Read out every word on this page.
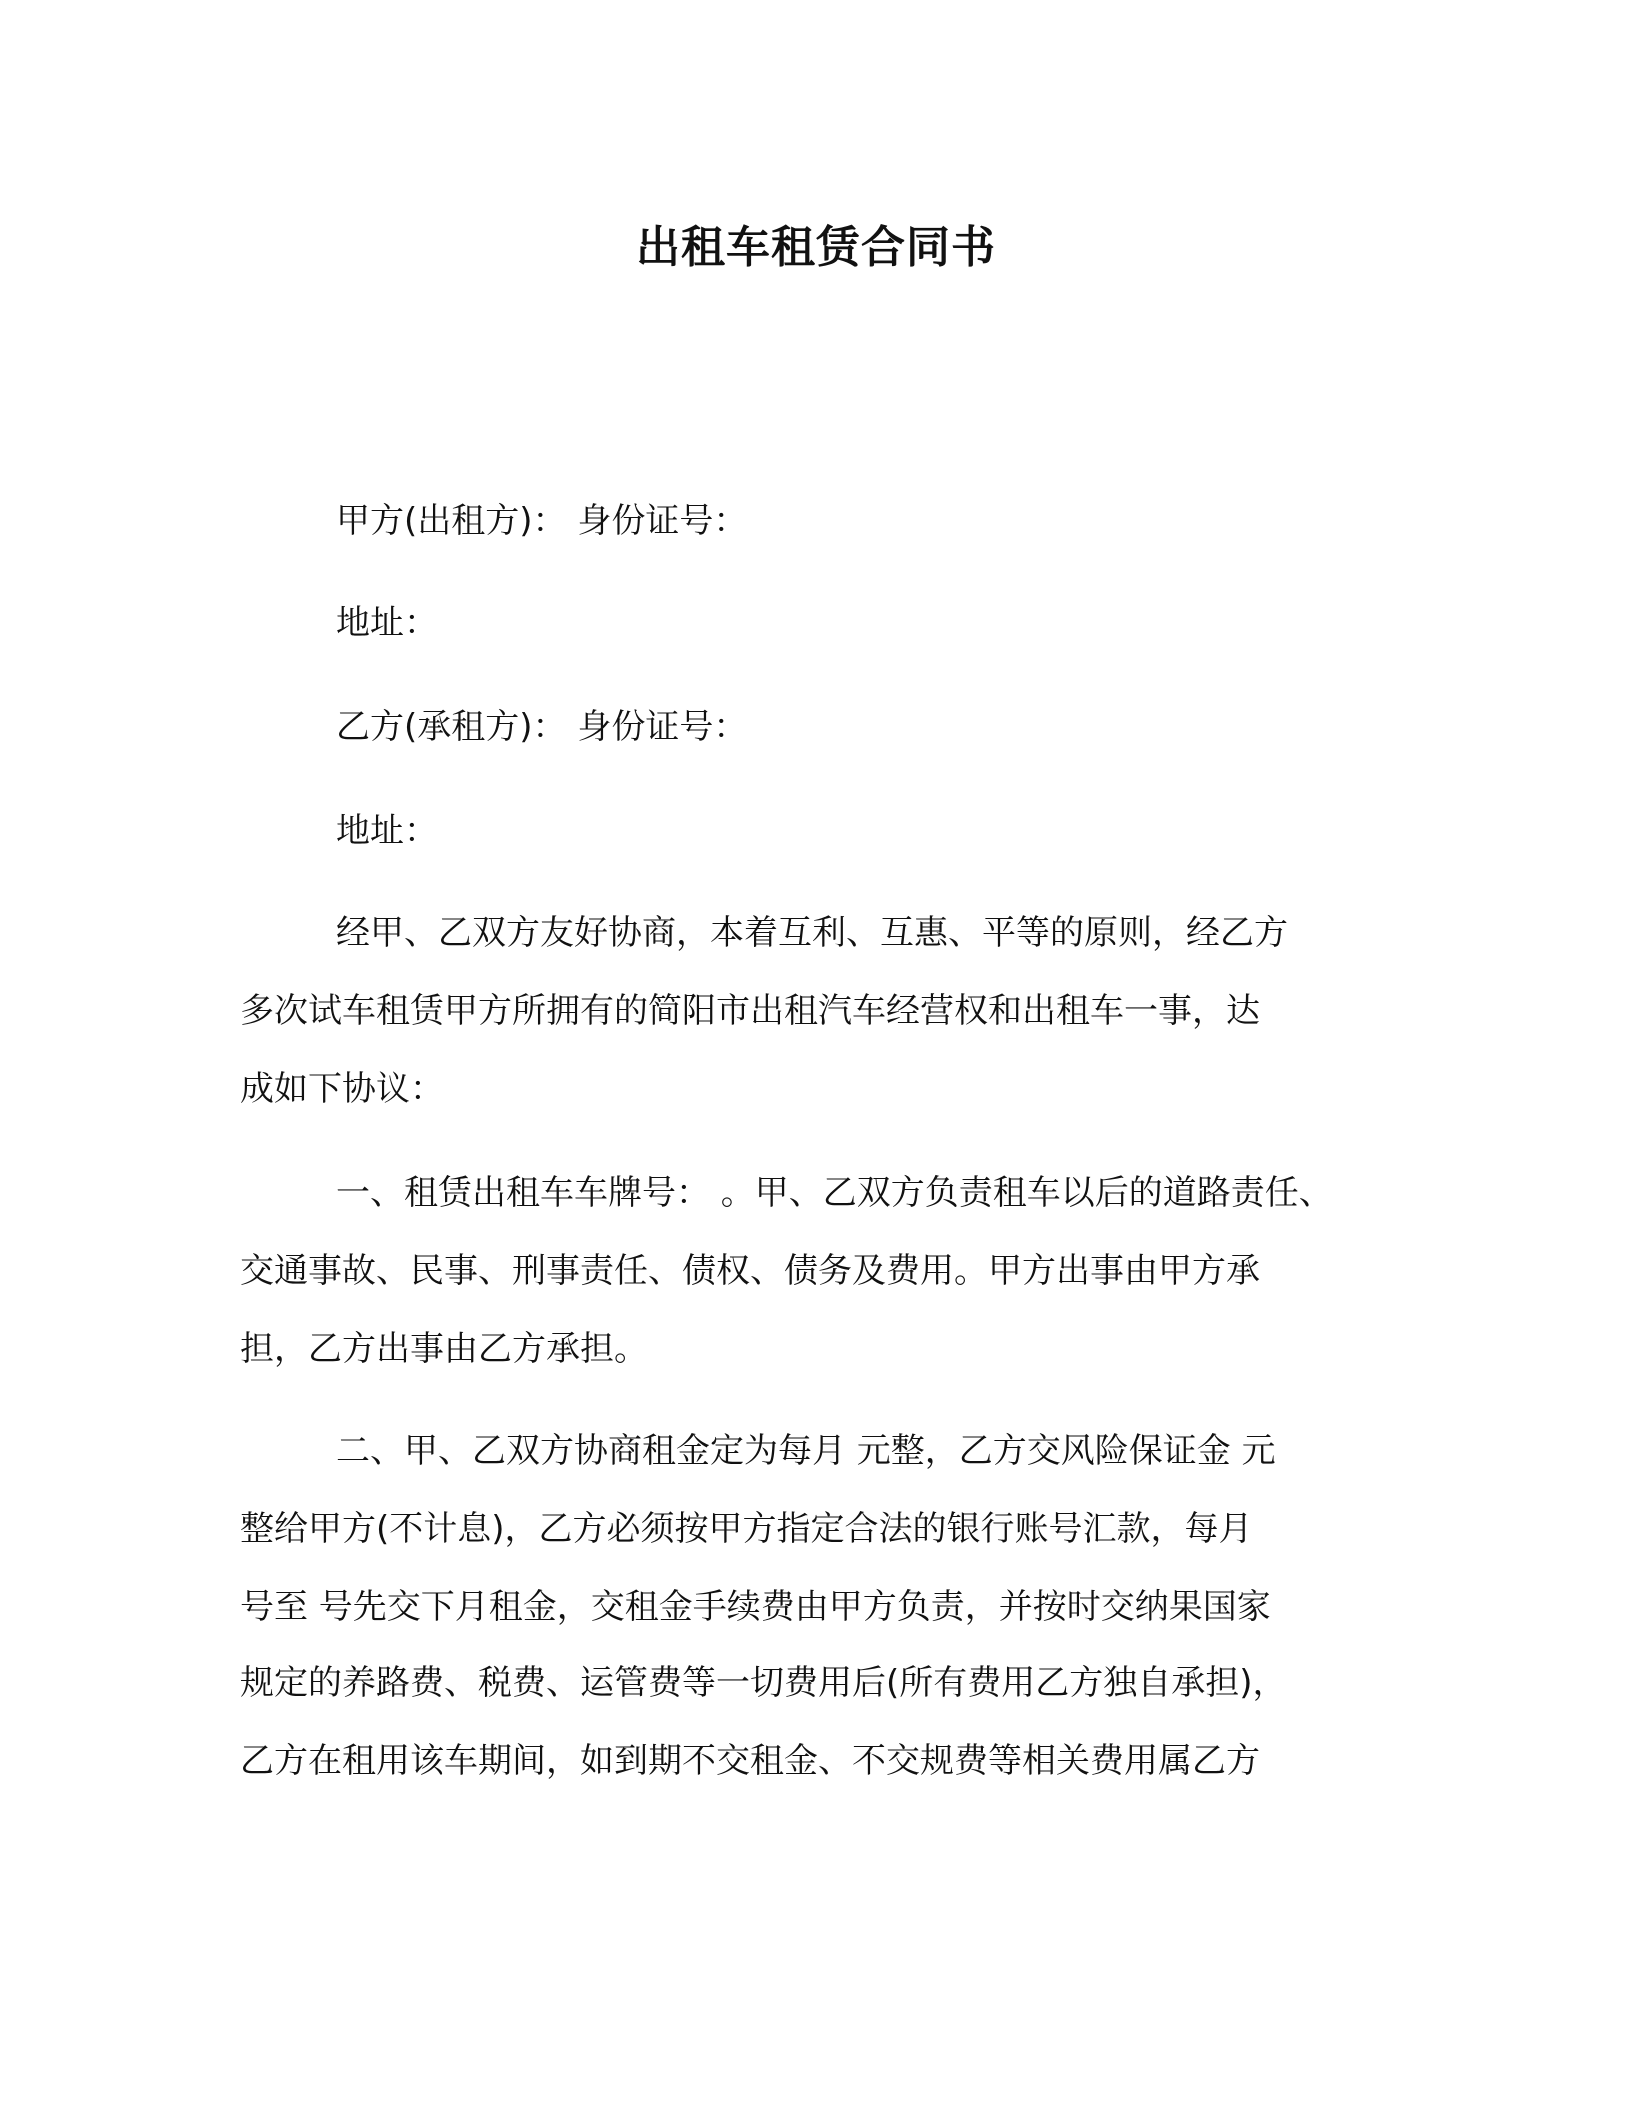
出租车租赁合同书
甲方(出租方)： 身份证号：
地址：
乙方(承租方)： 身份证号：
地址：
经甲、乙双方友好协商，本着互利、互惠、平等的原则，经乙方
多次试车租赁甲方所拥有的简阳市出租汽车经营权和出租车一事，达
成如下协议：
一、租赁出租车车牌号： 。甲、乙双方负责租车以后的道路责任、
交通事故、民事、刑事责任、债权、债务及费用。甲方出事由甲方承
担，乙方出事由乙方承担。
二、甲、乙双方协商租金定为每月 元整，乙方交风险保证金 元
整给甲方(不计息)，乙方必须按甲方指定合法的银行账号汇款，每月
号至 号先交下月租金，交租金手续费由甲方负责，并按时交纳果国家
规定的养路费、税费、运管费等一切费用后(所有费用乙方独自承担)，
乙方在租用该车期间，如到期不交租金、不交规费等相关费用属乙方
